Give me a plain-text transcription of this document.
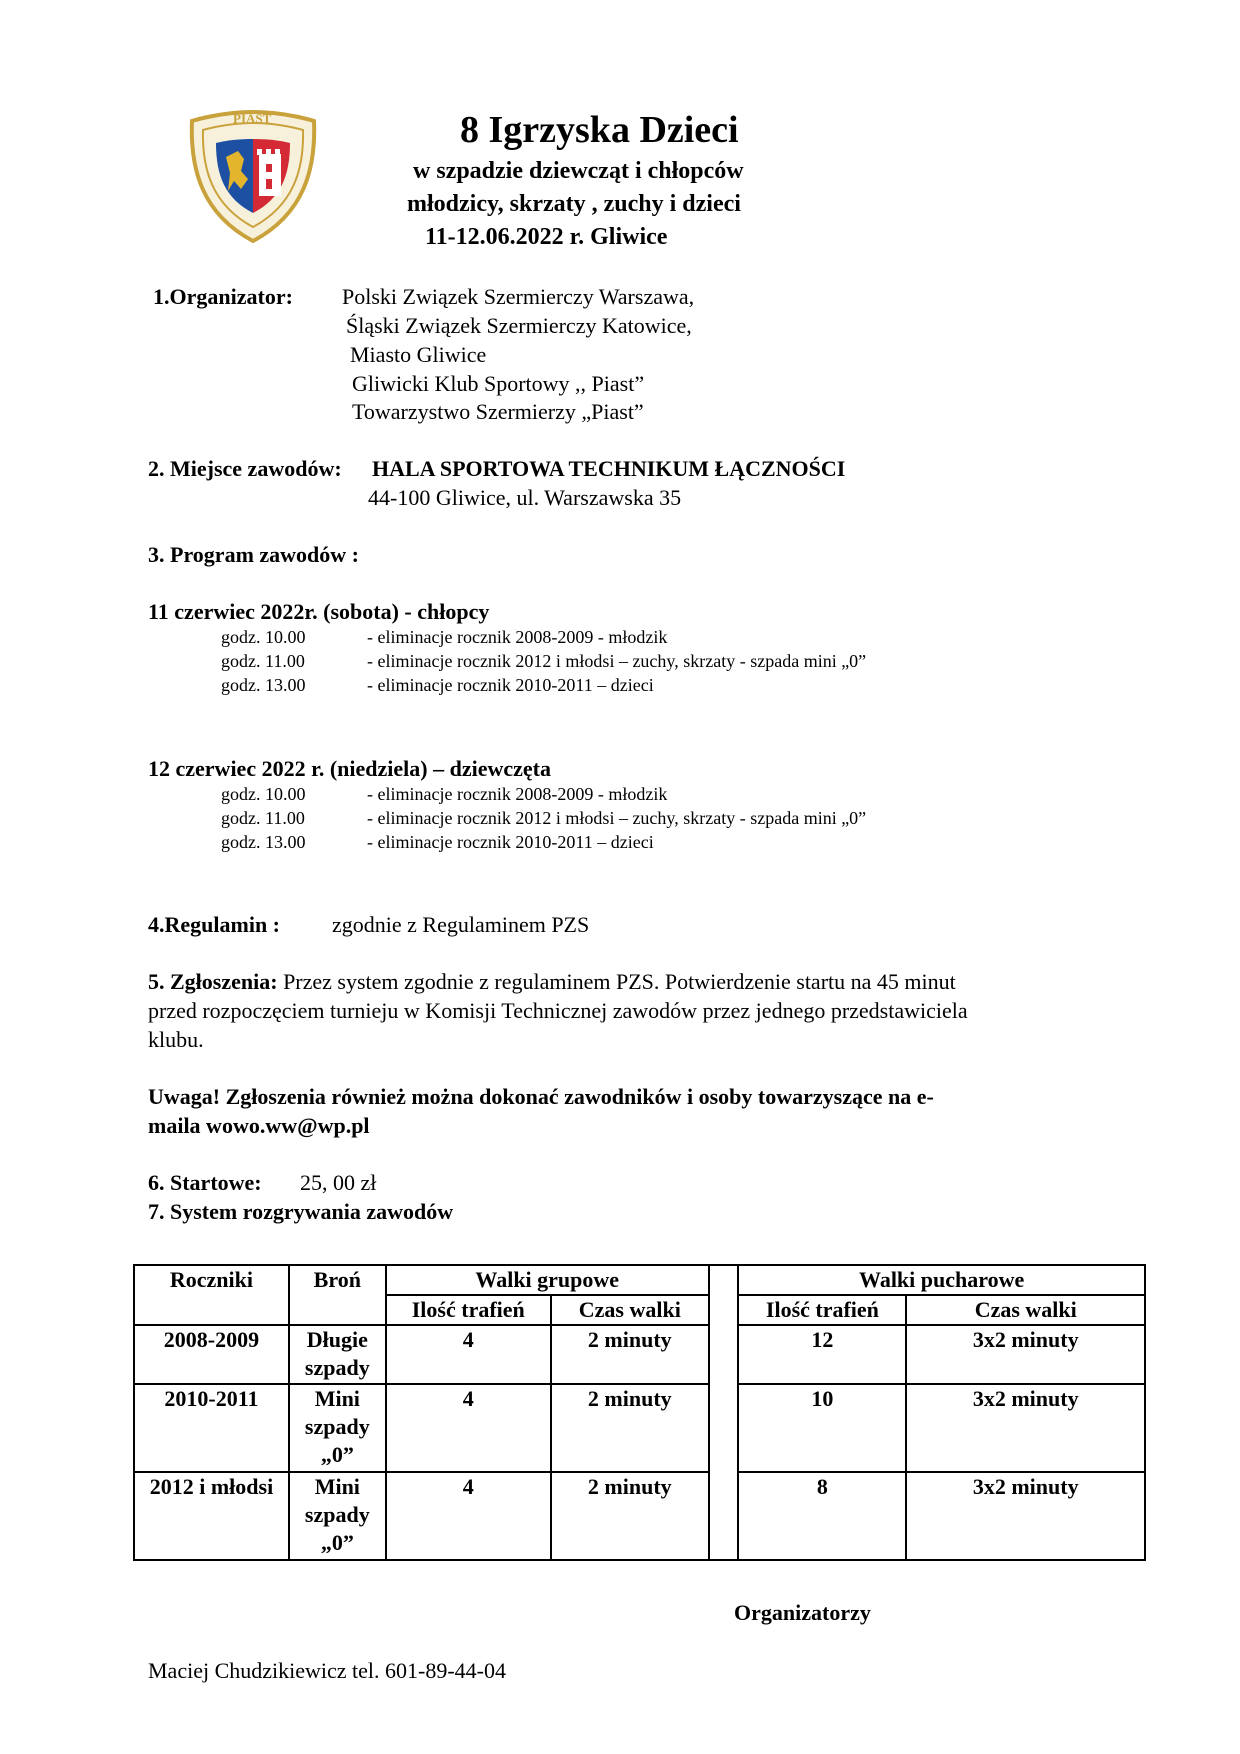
PIAST	8 Igrzyska Dzieci
w szpadzie dziewcząt i chłopców
młodzicy, skrzaty , zuchy i dzieci
11-12.06.2022 r. Gliwice
1.Organizator: Polski Związek Szermierczy Warszawa,
Śląski Związek Szermierczy Katowice,
Miasto Gliwice
Gliwicki Klub Sportowy ,, Piast”
Towarzystwo Szermierzy „Piast”
2. Miejsce zawodów: HALA SPORTOWA TECHNIKUM ŁĄCZNOŚCI
44-100 Gliwice, ul. Warszawska 35
3. Program zawodów :
11 czerwiec 2022r. (sobota) - chłopcy
godz. 10.00	- eliminacje rocznik 2008-2009 - młodzik
godz. 11.00	- eliminacje rocznik 2012 i młodsi – zuchy, skrzaty - szpada mini „0”
godz. 13.00	- eliminacje rocznik 2010-2011 – dzieci
12 czerwiec 2022 r. (niedziela) – dziewczęta
godz. 10.00	- eliminacje rocznik 2008-2009 - młodzik
godz. 11.00	- eliminacje rocznik 2012 i młodsi – zuchy, skrzaty - szpada mini „0”
godz. 13.00	- eliminacje rocznik 2010-2011 – dzieci
4.Regulamin : zgodnie z Regulaminem PZS
5. Zgłoszenia: Przez system zgodnie z regulaminem PZS. Potwierdzenie startu na 45 minut
przed rozpoczęciem turnieju w Komisji Technicznej zawodów przez jednego przedstawiciela
klubu.
Uwaga! Zgłoszenia również można dokonać zawodników i osoby towarzyszące na e-
maila wowo.ww@wp.pl
6. Startowe: 25, 00 zł
7. System rozgrywania zawodów
Roczniki	Broń	Walki grupowe			Walki pucharowe	
		Ilość trafień	Czas walki		Ilość trafień	Czas walki
2008-2009	Długie szpady	4	2 minuty		12	3x2 minuty
2010-2011	Mini szpady „0”	4	2 minuty		10	3x2 minuty
2012 i młodsi	Mini szpady „0”	4	2 minuty		8	3x2 minuty
Organizatorzy
Maciej Chudzikiewicz tel. 601-89-44-04
